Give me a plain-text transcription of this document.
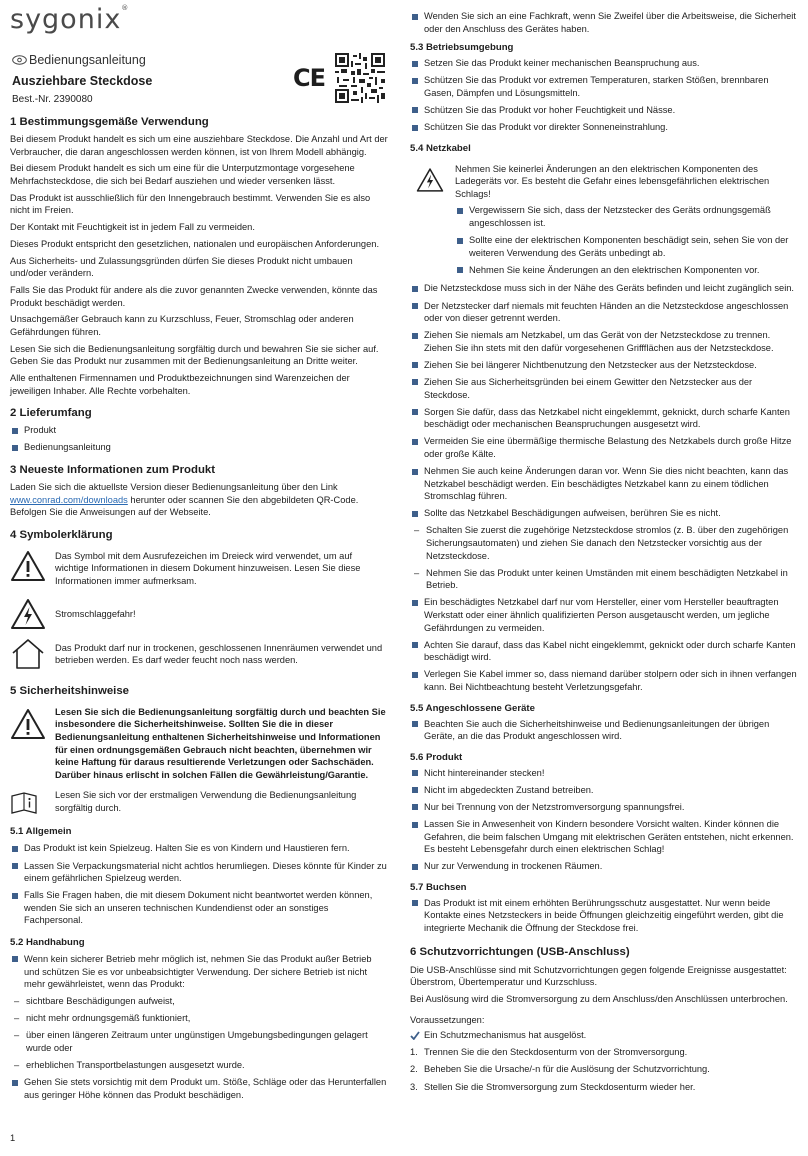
sygonix®
Bedienungsanleitung
Ausziehbare Steckdose
Best.-Nr. 2390080
CE
1 Bestimmungsgemäße Verwendung

Bei diesem Produkt handelt es sich um eine ausziehbare Steckdose. Die Anzahl und Art der Verbraucher, die daran angeschlossen werden können, ist von Ihrem Modell abhängig.

Bei diesem Produkt handelt es sich um eine für die Unterputzmontage vorgesehene Mehrfachsteckdose, die sich bei Bedarf ausziehen und wieder versenken lässt.

Das Produkt ist ausschließlich für den Innengebrauch bestimmt. Verwenden Sie es also nicht im Freien.

Der Kontakt mit Feuchtigkeit ist in jedem Fall zu vermeiden.

Dieses Produkt entspricht den gesetzlichen, nationalen und europäischen Anforderungen.

Aus Sicherheits- und Zulassungsgründen dürfen Sie dieses Produkt nicht umbauen und/oder verändern.

Falls Sie das Produkt für andere als die zuvor genannten Zwecke verwenden, könnte das Produkt beschädigt werden.

Unsachgemäßer Gebrauch kann zu Kurzschluss, Feuer, Stromschlag oder anderen Gefährdungen führen.

Lesen Sie sich die Bedienungsanleitung sorgfältig durch und bewahren Sie sie sicher auf. Geben Sie das Produkt nur zusammen mit der Bedienungsanleitung an Dritte weiter.

Alle enthaltenen Firmennamen und Produktbezeichnungen sind Warenzeichen der jeweiligen Inhaber. Alle Rechte vorbehalten.

2 Lieferumfang
Produkt
Bedienungsanleitung
3 Neueste Informationen zum Produkt

Laden Sie sich die aktuellste Version dieser Bedienungsanleitung über den Link www.conrad.com/downloads herunter oder scannen Sie den abgebildeten QR-Code. Befolgen Sie die Anweisungen auf der Webseite.

4 Symbolerklärung

Das Symbol mit dem Ausrufezeichen im Dreieck wird verwendet, um auf wichtige Informationen in diesem Dokument hinzuweisen. Lesen Sie diese Informationen immer aufmerksam.

Stromschlaggefahr!

Das Produkt darf nur in trockenen, geschlossenen Innenräumen verwendet und betrieben werden. Es darf weder feucht noch nass werden.

5 Sicherheitshinweise

Lesen Sie sich die Bedienungsanleitung sorgfältig durch und beachten Sie insbesondere die Sicherheitshinweise. Sollten Sie die in dieser Bedienungsanleitung enthaltenen Sicherheitshinweise und Informationen für einen ordnungsgemäßen Gebrauch nicht beachten, übernehmen wir keine Haftung für daraus resultierende Verletzungen oder Sachschäden. Darüber hinaus erlischt in solchen Fällen die Gewährleistung/Garantie.

Lesen Sie sich vor der erstmaligen Verwendung die Bedienungsanleitung sorgfältig durch.

5.1 Allgemein
Das Produkt ist kein Spielzeug. Halten Sie es von Kindern und Haustieren fern.
Lassen Sie Verpackungsmaterial nicht achtlos herumliegen. Dieses könnte für Kinder zu einem gefährlichen Spielzeug werden.
Falls Sie Fragen haben, die mit diesem Dokument nicht beantwortet werden können, wenden Sie sich an unseren technischen Kundendienst oder an sonstiges Fachpersonal.
5.2 Handhabung
Wenn kein sicherer Betrieb mehr möglich ist, nehmen Sie das Produkt außer Betrieb und schützen Sie es vor unbeabsichtigter Verwendung. Der sichere Betrieb ist nicht mehr gewährleistet, wenn das Produkt:
– sichtbare Beschädigungen aufweist,
– nicht mehr ordnungsgemäß funktioniert,
– über einen längeren Zeitraum unter ungünstigen Umgebungsbedingungen gelagert wurde oder
– erheblichen Transportbelastungen ausgesetzt wurde.
Gehen Sie stets vorsichtig mit dem Produkt um. Stöße, Schläge oder das Herunterfallen aus geringer Höhe können das Produkt beschädigen.
Wenden Sie sich an eine Fachkraft, wenn Sie Zweifel über die Arbeitsweise, die Sicherheit oder den Anschluss des Gerätes haben.
5.3 Betriebsumgebung
Setzen Sie das Produkt keiner mechanischen Beanspruchung aus.
Schützen Sie das Produkt vor extremen Temperaturen, starken Stößen, brennbaren Gasen, Dämpfen und Lösungsmitteln.
Schützen Sie das Produkt vor hoher Feuchtigkeit und Nässe.
Schützen Sie das Produkt vor direkter Sonneneinstrahlung.
5.4 Netzkabel

Nehmen Sie keinerlei Änderungen an den elektrischen Komponenten des Ladegeräts vor. Es besteht die Gefahr eines lebensgefährlichen elektrischen Schlags!

Vergewissern Sie sich, dass der Netzstecker des Geräts ordnungsgemäß angeschlossen ist.
Sollte eine der elektrischen Komponenten beschädigt sein, sehen Sie von der weiteren Verwendung des Geräts unbedingt ab.
Nehmen Sie keine Änderungen an den elektrischen Komponenten vor.
Die Netzsteckdose muss sich in der Nähe des Geräts befinden und leicht zugänglich sein.
Der Netzstecker darf niemals mit feuchten Händen an die Netzsteckdose angeschlossen oder von dieser getrennt werden.
Ziehen Sie niemals am Netzkabel, um das Gerät von der Netzsteckdose zu trennen. Ziehen Sie ihn stets mit den dafür vorgesehenen Griffflächen aus der Netzsteckdose.
Ziehen Sie bei längerer Nichtbenutzung den Netzstecker aus der Netzsteckdose.
Ziehen Sie aus Sicherheitsgründen bei einem Gewitter den Netzstecker aus der Steckdose.
Sorgen Sie dafür, dass das Netzkabel nicht eingeklemmt, geknickt, durch scharfe Kanten beschädigt oder mechanischen Beanspruchungen ausgesetzt wird.
Vermeiden Sie eine übermäßige thermische Belastung des Netzkabels durch große Hitze oder große Kälte.
Nehmen Sie auch keine Änderungen daran vor. Wenn Sie dies nicht beachten, kann das Netzkabel beschädigt werden. Ein beschädigtes Netzkabel kann zu einem tödlichen Stromschlag führen.
Sollte das Netzkabel Beschädigungen aufweisen, berühren Sie es nicht.
– Schalten Sie zuerst die zugehörige Netzsteckdose stromlos (z. B. über den zugehörigen Sicherungsautomaten) und ziehen Sie danach den Netzstecker vorsichtig aus der Netzsteckdose.
– Nehmen Sie das Produkt unter keinen Umständen mit einem beschädigten Netzkabel in Betrieb.
Ein beschädigtes Netzkabel darf nur vom Hersteller, einer vom Hersteller beauftragten Werkstatt oder einer ähnlich qualifizierten Person ausgetauscht werden, um jegliche Gefährdungen zu vermeiden.
Achten Sie darauf, dass das Kabel nicht eingeklemmt, geknickt oder durch scharfe Kanten beschädigt wird.
Verlegen Sie Kabel immer so, dass niemand darüber stolpern oder sich in ihnen verfangen kann. Bei Nichtbeachtung besteht Verletzungsgefahr.
5.5 Angeschlossene Geräte
Beachten Sie auch die Sicherheitshinweise und Bedienungsanleitungen der übrigen Geräte, an die das Produkt angeschlossen wird.
5.6 Produkt
Nicht hintereinander stecken!
Nicht im abgedeckten Zustand betreiben.
Nur bei Trennung von der Netzstromversorgung spannungsfrei.
Lassen Sie in Anwesenheit von Kindern besondere Vorsicht walten. Kinder können die Gefahren, die beim falschen Umgang mit elektrischen Geräten entstehen, nicht erkennen. Es besteht Lebensgefahr durch einen elektrischen Schlag!
Nur zur Verwendung in trockenen Räumen.
5.7 Buchsen
Das Produkt ist mit einem erhöhten Berührungsschutz ausgestattet. Nur wenn beide Kontakte eines Netzsteckers in beide Öffnungen gleichzeitig eingeführt werden, gibt die integrierte Mechanik die Öffnung der Steckdose frei.
6 Schutzvorrichtungen (USB-Anschluss)

Die USB-Anschlüsse sind mit Schutzvorrichtungen gegen folgende Ereignisse ausgestattet: Überstrom, Übertemperatur und Kurzschluss.

Bei Auslösung wird die Stromversorgung zu dem Anschluss/den Anschlüssen unterbrochen.

Voraussetzungen:

Ein Schutzmechanismus hat ausgelöst.
1. Trennen Sie die den Steckdosenturm von der Stromversorgung.
2. Beheben Sie die Ursache/-n für die Auslösung der Schutzvorrichtung.
3. Stellen Sie die Stromversorgung zum Steckdosenturm wieder her.
1
